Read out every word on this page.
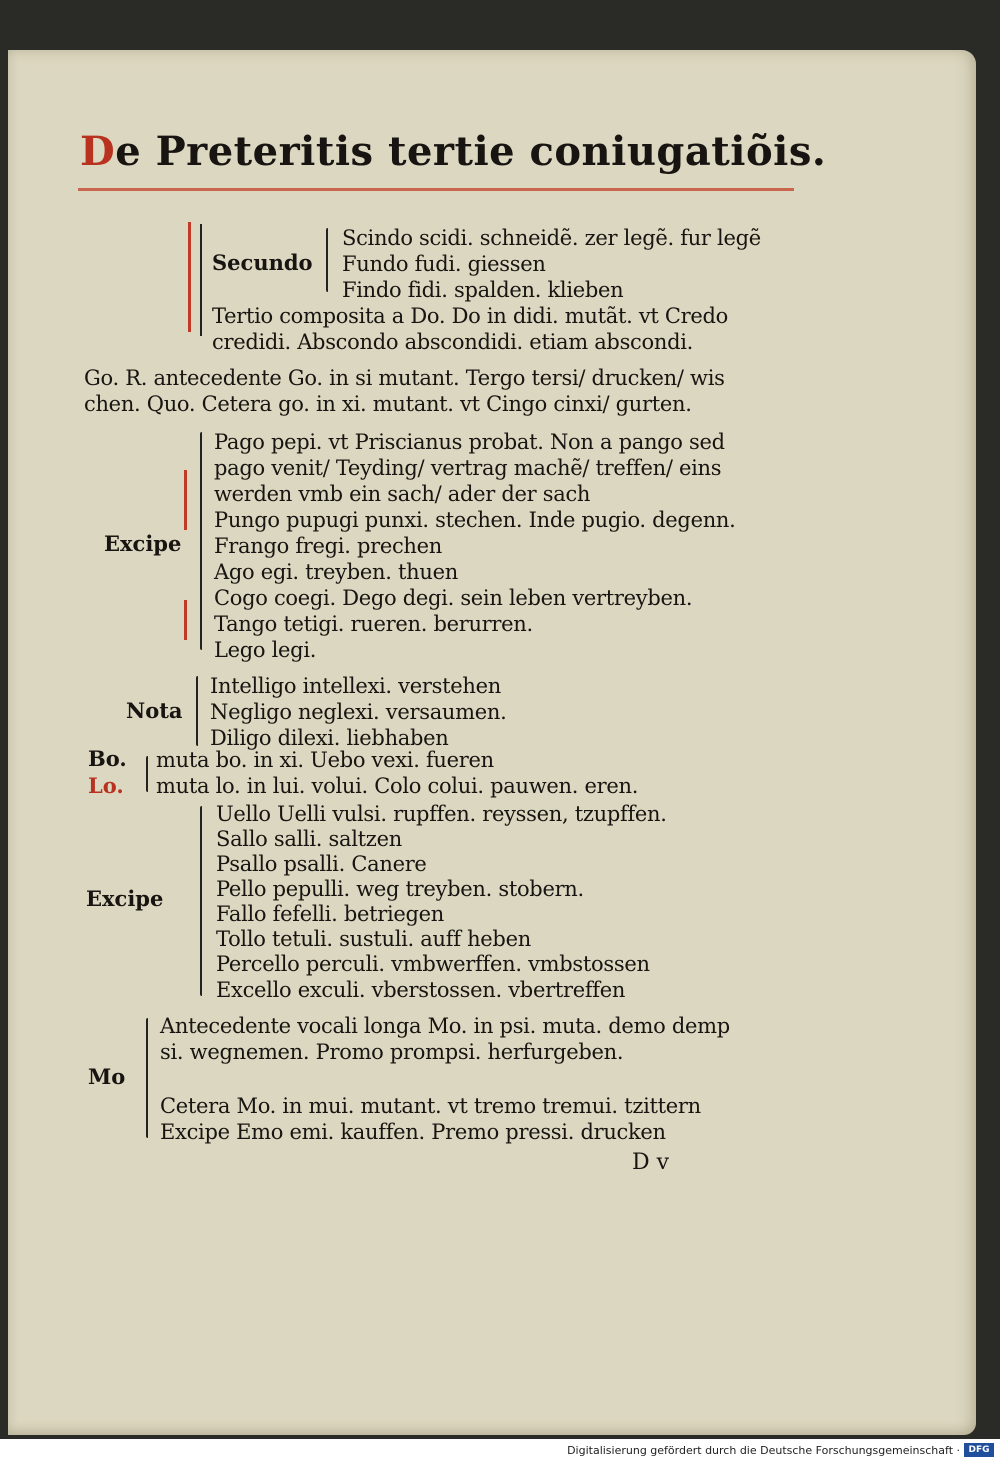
De Preteritis tertie coniugatiõis.
Secundo
Scindo scidi. schneidẽ. zer legẽ. fur legẽ
Fundo fudi. giessen
Findo fidi. spalden. klieben
Tertio composita a Do. Do in didi. mutãt. vt Credo
credidi. Abscondo abscondidi. etiam abscondi.
Go. R. antecedente Go. in si mutant. Tergo tersi/ drucken/ wis
chen. Quo. Cetera go. in xi. mutant. vt Cingo cinxi/ gurten.
Excipe
Pago pepi. vt Priscianus probat. Non a pango sed
pago venit/ Teyding/ vertrag machẽ/ treffen/ eins
werden vmb ein sach/ ader der sach
Pungo pupugi punxi. stechen. Inde pugio. degenn.
Frango fregi. prechen
Ago egi. treyben. thuen
Cogo coegi. Dego degi. sein leben vertreyben.
Tango tetigi. rueren. berurren.
Lego legi.
Nota
Intelligo intellexi. verstehen
Negligo neglexi. versaumen.
Diligo dilexi. liebhaben
Bo.
Lo.
muta bo. in xi. Uebo vexi. fueren
muta lo. in lui. volui. Colo colui. pauwen. eren.
Excipe
Uello Uelli vulsi. rupffen. reyssen, tzupffen.
Sallo salli. saltzen
Psallo psalli. Canere
Pello pepulli. weg treyben. stobern.
Fallo fefelli. betriegen
Tollo tetuli. sustuli. auff heben
Percello perculi. vmbwerffen. vmbstossen
Excello exculi. vberstossen. vbertreffen
Mo
Antecedente vocali longa Mo. in psi. muta. demo demp
si. wegnemen. Promo prompsi. herfurgeben.
Cetera Mo. in mui. mutant. vt tremo tremui. tzittern
Excipe Emo emi. kauffen. Premo pressi. drucken
D v
Digitalisierung gefördert durch die Deutsche Forschungsgemeinschaft · DFG
